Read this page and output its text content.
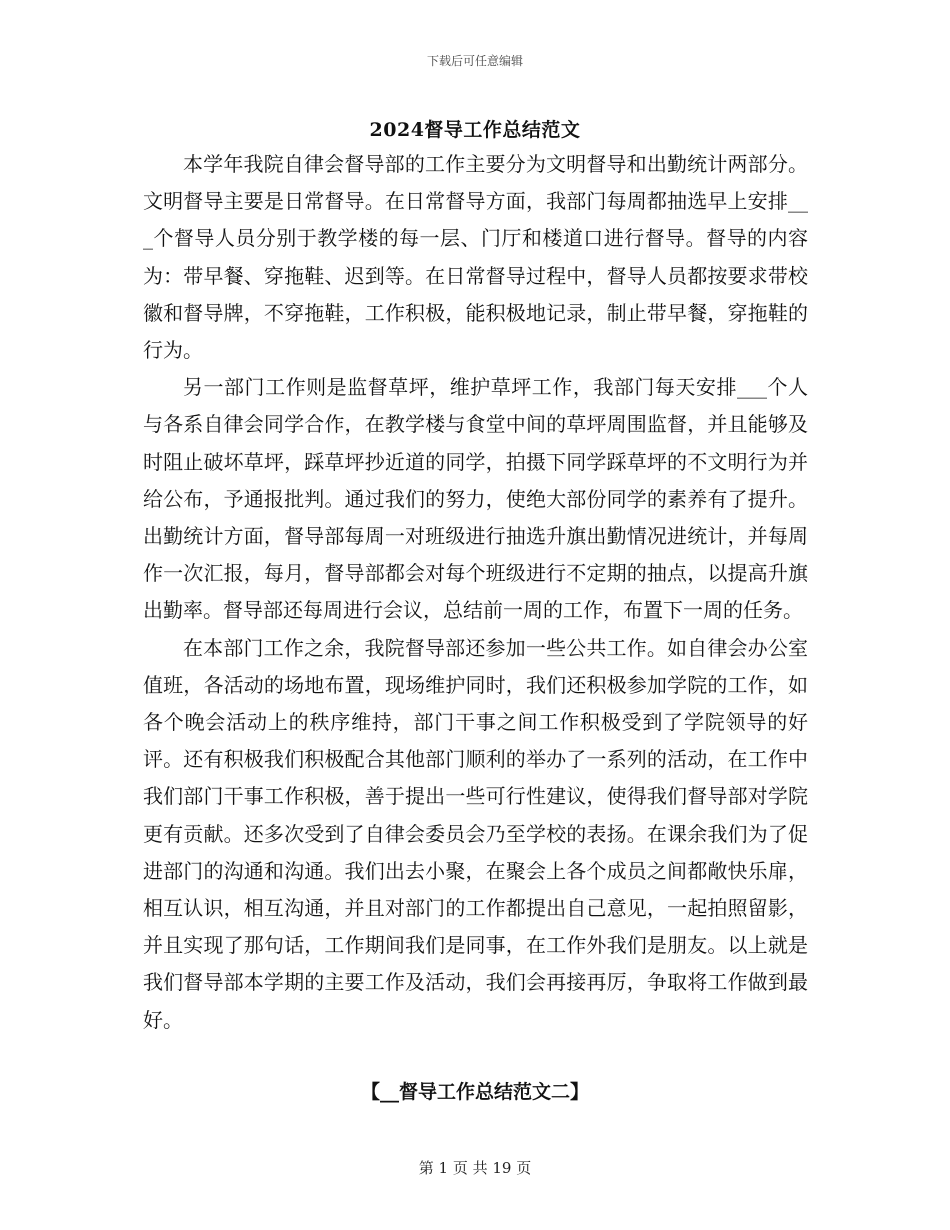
下载后可任意编辑
2024督导工作总结范文

本学年我院自律会督导部的工作主要分为文明督导和出勤统计两部分。文明督导主要是日常督导。在日常督导方面，我部门每周都抽选早上安排___个督导人员分别于教学楼的每一层、门厅和楼道口进行督导。督导的内容为：带早餐、穿拖鞋、迟到等。在日常督导过程中，督导人员都按要求带校徽和督导牌，不穿拖鞋，工作积极，能积极地记录，制止带早餐，穿拖鞋的行为。

另一部门工作则是监督草坪，维护草坪工作，我部门每天安排___个人与各系自律会同学合作，在教学楼与食堂中间的草坪周围监督，并且能够及时阻止破坏草坪，踩草坪抄近道的同学，拍摄下同学踩草坪的不文明行为并给公布，予通报批判。通过我们的努力，使绝大部份同学的素养有了提升。出勤统计方面，督导部每周一对班级进行抽选升旗出勤情况进统计，并每周作一次汇报，每月，督导部都会对每个班级进行不定期的抽点，以提高升旗出勤率。督导部还每周进行会议，总结前一周的工作，布置下一周的任务。

在本部门工作之余，我院督导部还参加一些公共工作。如自律会办公室值班，各活动的场地布置，现场维护同时，我们还积极参加学院的工作，如各个晚会活动上的秩序维持，部门干事之间工作积极受到了学院领导的好评。还有积极我们积极配合其他部门顺利的举办了一系列的活动，在工作中我们部门干事工作积极，善于提出一些可行性建议，使得我们督导部对学院更有贡献。还多次受到了自律会委员会乃至学校的表扬。在课余我们为了促进部门的沟通和沟通。我们出去小聚，在聚会上各个成员之间都敞快乐扉，相互认识，相互沟通，并且对部门的工作都提出自己意见，一起拍照留影，并且实现了那句话，工作期间我们是同事，在工作外我们是朋友。以上就是我们督导部本学期的主要工作及活动，我们会再接再厉，争取将工作做到最好。

【__督导工作总结范文二】
第 1 页 共 19 页
